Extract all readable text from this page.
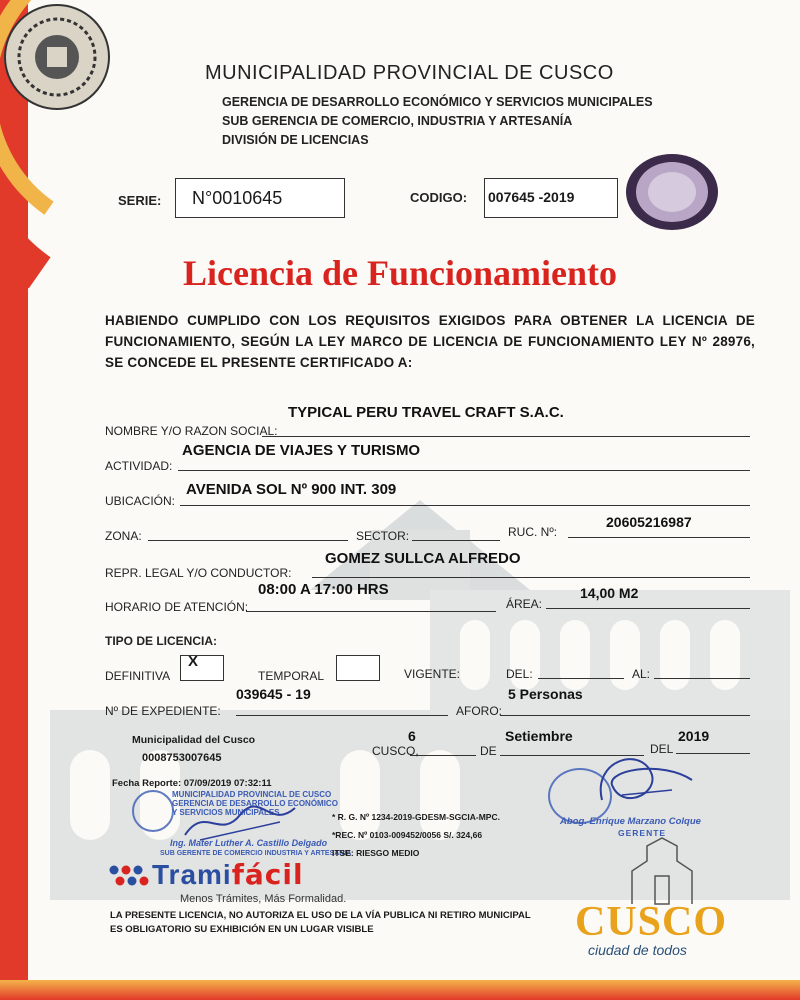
MUNICIPALIDAD PROVINCIAL DE CUSCO
GERENCIA DE DESARROLLO ECONÓMICO Y SERVICIOS MUNICIPALES
SUB GERENCIA DE COMERCIO, INDUSTRIA Y ARTESANÍA
DIVISIÓN DE LICENCIAS
SERIE: N°0010645	CODIGO: 007645 -2019
Licencia de Funcionamiento
HABIENDO CUMPLIDO CON LOS REQUISITOS EXIGIDOS PARA OBTENER LA LICENCIA DE FUNCIONAMIENTO, SEGÚN LA LEY MARCO DE LICENCIA DE FUNCIONAMIENTO LEY Nº 28976, SE CONCEDE EL PRESENTE CERTIFICADO A:
NOMBRE Y/O RAZON SOCIAL:
TYPICAL PERU TRAVEL CRAFT S.A.C.
ACTIVIDAD:
AGENCIA DE VIAJES Y TURISMO
UBICACIÓN:
AVENIDA SOL Nº 900 INT. 309
ZONA:	SECTOR:	RUC. Nº:
20605216987
REPR. LEGAL Y/O CONDUCTOR:
GOMEZ SULLCA ALFREDO
HORARIO DE ATENCIÓN:
08:00 A 17:00 HRS
ÁREA:
14,00 M2
TIPO DE LICENCIA:
DEFINITIVA
X
TEMPORAL	VIGENTE:	DEL:	AL:
Nº DE EXPEDIENTE:
039645 - 19
AFORO:
5 Personas
Municipalidad del Cusco
0008753007645	CUSCO,
6
DE
Setiembre
DEL
2019
Fecha Reporte: 07/09/2019 07:32:11
MUNICIPALIDAD PROVINCIAL DE CUSCO
GERENCIA DE DESARROLLO ECONÓMICO
Y SERVICIOS MUNICIPALES
Ing. Mater Luther A. Castillo Delgado
SUB GERENTE DE COMERCIO INDUSTRIA Y ARTESANIA
* R. G. Nº 1234-2019-GDESM-SGCIA-MPC.
*REC. Nº 0103-009452/0056 S/. 324,66
ITSE: RIESGO MEDIO
Abog. Enrique Marzano Colque
GERENTE
Tramifácil
Menos Trámites, Más Formalidad.
LA PRESENTE LICENCIA, NO AUTORIZA EL USO DE LA VÍA PUBLICA NI RETIRO MUNICIPAL
ES OBLIGATORIO SU EXHIBICIÓN EN UN LUGAR VISIBLE	CUSCO
ciudad de todos
